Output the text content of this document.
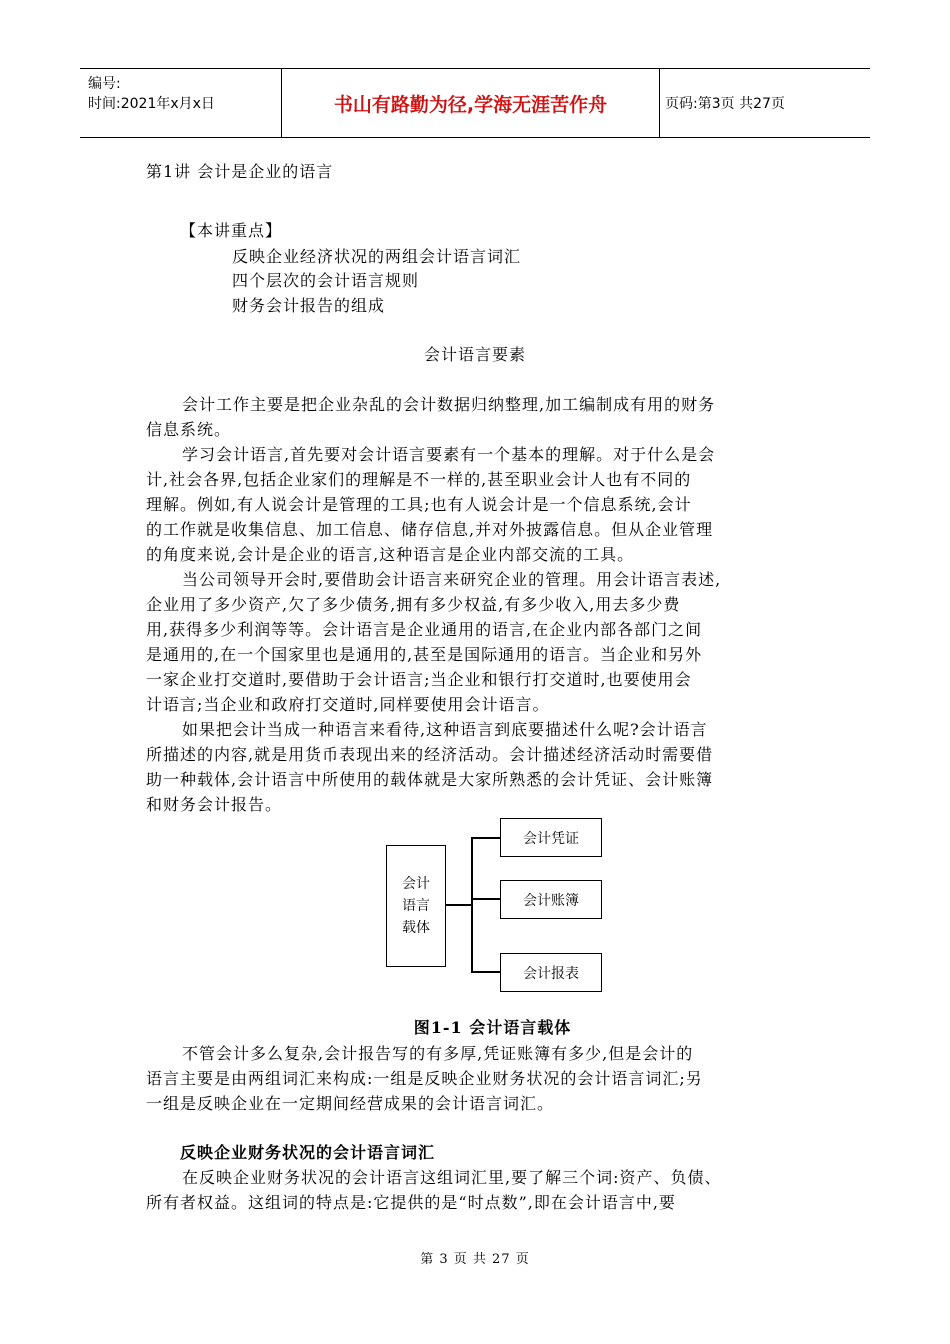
编号:
时间:2021年x月x日	书山有路勤为径,学海无涯苦作舟	页码:第3页 共27页
第1讲 会计是企业的语言
【本讲重点】
反映企业经济状况的两组会计语言词汇
四个层次的会计语言规则
财务会计报告的组成
会计语言要素
会计工作主要是把企业杂乱的会计数据归纳整理,加工编制成有用的财务
信息系统。
学习会计语言,首先要对会计语言要素有一个基本的理解。对于什么是会
计,社会各界,包括企业家们的理解是不一样的,甚至职业会计人也有不同的
理解。例如,有人说会计是管理的工具;也有人说会计是一个信息系统,会计
的工作就是收集信息、加工信息、储存信息,并对外披露信息。但从企业管理
的角度来说,会计是企业的语言,这种语言是企业内部交流的工具。
当公司领导开会时,要借助会计语言来研究企业的管理。用会计语言表述,
企业用了多少资产,欠了多少债务,拥有多少权益,有多少收入,用去多少费
用,获得多少利润等等。会计语言是企业通用的语言,在企业内部各部门之间
是通用的,在一个国家里也是通用的,甚至是国际通用的语言。当企业和另外
一家企业打交道时,要借助于会计语言;当企业和银行打交道时,也要使用会
计语言;当企业和政府打交道时,同样要使用会计语言。
如果把会计当成一种语言来看待,这种语言到底要描述什么呢?会计语言
所描述的内容,就是用货币表现出来的经济活动。会计描述经济活动时需要借
助一种载体,会计语言中所使用的载体就是大家所熟悉的会计凭证、会计账簿
和财务会计报告。
会计
语言
载体
会计凭证
会计账簿
会计报表
图1-1 会计语言载体
不管会计多么复杂,会计报告写的有多厚,凭证账簿有多少,但是会计的
语言主要是由两组词汇来构成:一组是反映企业财务状况的会计语言词汇;另
一组是反映企业在一定期间经营成果的会计语言词汇。
反映企业财务状况的会计语言词汇
在反映企业财务状况的会计语言这组词汇里,要了解三个词:资产、负债、
所有者权益。这组词的特点是:它提供的是“时点数”,即在会计语言中,要
第 3 页 共 27 页
